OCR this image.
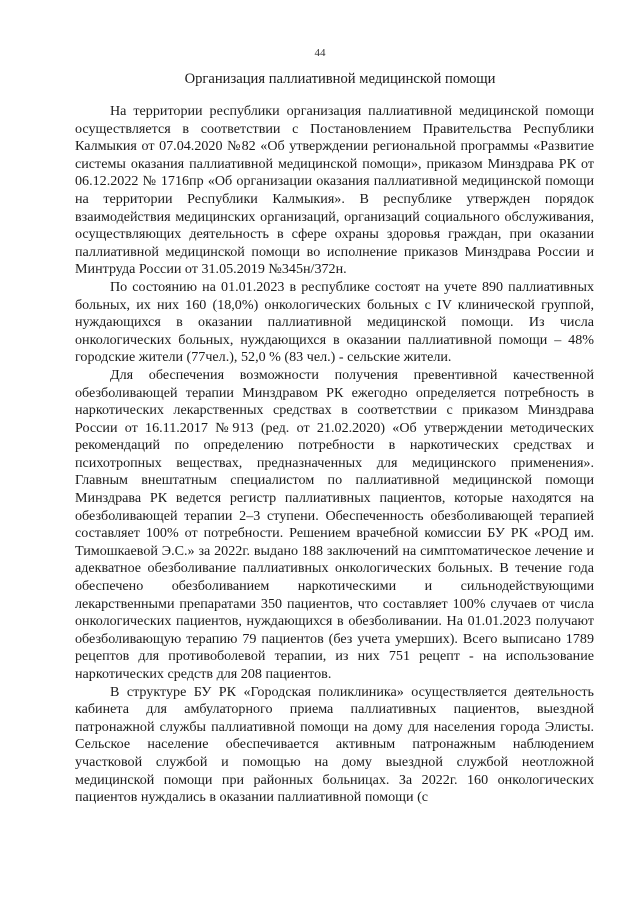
44
Организация паллиативной медицинской помощи

На территории республики организация паллиативной медицинской помощи осуществляется в соответствии с Постановлением Правительства Республики Калмыкия от 07.04.2020 №82 «Об утверждении региональной программы «Развитие системы оказания паллиативной медицинской помощи», приказом Минздрава РК от 06.12.2022 № 1716пр «Об организации оказания паллиативной медицинской помощи на территории Республики Калмыкия». В республике утвержден порядок взаимодействия медицинских организаций, организаций социального обслуживания, осуществляющих деятельность в сфере охраны здоровья граждан, при оказании паллиативной медицинской помощи во исполнение приказов Минздрава России и Минтруда России от 31.05.2019 №345н/372н.

По состоянию на 01.01.2023 в республике состоят на учете 890 паллиативных больных, их них 160 (18,0%) онкологических больных с IV клинической группой, нуждающихся в оказании паллиативной медицинской помощи. Из числа онкологических больных, нуждающихся в оказании паллиативной помощи – 48% городские жители (77чел.), 52,0 % (83 чел.) - сельские жители.

Для обеспечения возможности получения превентивной качественной обезболивающей терапии Минздравом РК ежегодно определяется потребность в наркотических лекарственных средствах в соответствии с приказом Минздрава России от 16.11.2017 №913 (ред. от 21.02.2020) «Об утверждении методических рекомендаций по определению потребности в наркотических средствах и психотропных веществах, предназначенных для медицинского применения». Главным внештатным специалистом по паллиативной медицинской помощи Минздрава РК ведется регистр паллиативных пациентов, которые находятся на обезболивающей терапии 2–3 ступени. Обеспеченность обезболивающей терапией составляет 100% от потребности. Решением врачебной комиссии БУ РК «РОД им. Тимошкаевой Э.С.» за 2022г. выдано 188 заключений на симптоматическое лечение и адекватное обезболивание паллиативных онкологических больных. В течение года обеспечено обезболиванием наркотическими и сильнодействующими лекарственными препаратами 350 пациентов, что составляет 100% случаев от числа онкологических пациентов, нуждающихся в обезболивании. На 01.01.2023 получают обезболивающую терапию 79 пациентов (без учета умерших). Всего выписано 1789 рецептов для противоболевой терапии, из них 751 рецепт - на использование наркотических средств для 208 пациентов.

В структуре БУ РК «Городская поликлиника» осуществляется деятельность кабинета для амбулаторного приема паллиативных пациентов, выездной патронажной службы паллиативной помощи на дому для населения города Элисты. Сельское население обеспечивается активным патронажным наблюдением участковой службой и помощью на дому выездной службой неотложной медицинской помощи при районных больницах. За 2022г. 160 онкологических пациентов нуждались в оказании паллиативной помощи (с
